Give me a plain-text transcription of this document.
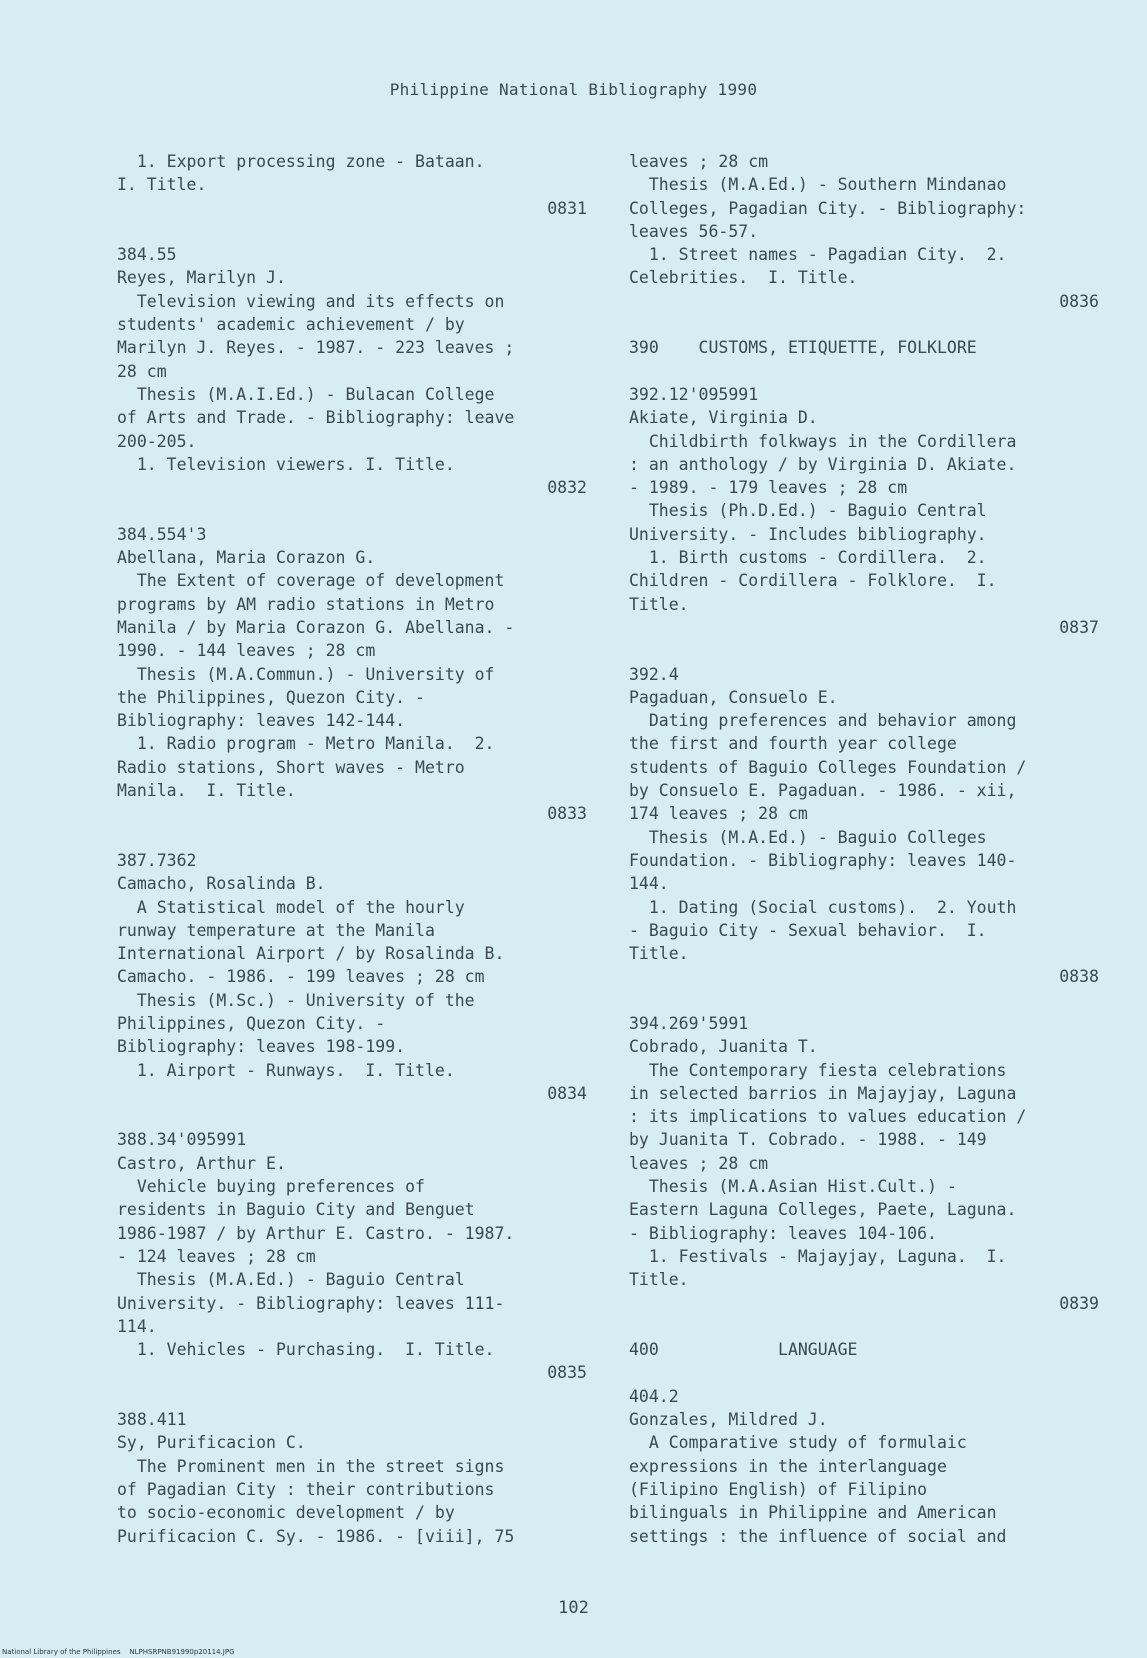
Philippine National Bibliography 1990
1. Export processing zone - Bataan.
I. Title.
0831
384.55
Reyes, Marilyn J.
Television viewing and its effects on
students' academic achievement / by
Marilyn J. Reyes. - 1987. - 223 leaves ;
28 cm
Thesis (M.A.I.Ed.) - Bulacan College
of Arts and Trade. - Bibliography: leave
200-205.
1. Television viewers. I. Title.
0832
384.554'3
Abellana, Maria Corazon G.
The Extent of coverage of development
programs by AM radio stations in Metro
Manila / by Maria Corazon G. Abellana. -
1990. - 144 leaves ; 28 cm
Thesis (M.A.Commun.) - University of
the Philippines, Quezon City. -
Bibliography: leaves 142-144.
1. Radio program - Metro Manila.  2.
Radio stations, Short waves - Metro
Manila.  I. Title.
0833
387.7362
Camacho, Rosalinda B.
A Statistical model of the hourly
runway temperature at the Manila
International Airport / by Rosalinda B.
Camacho. - 1986. - 199 leaves ; 28 cm
Thesis (M.Sc.) - University of the
Philippines, Quezon City. -
Bibliography: leaves 198-199.
1. Airport - Runways.  I. Title.
0834
388.34'095991
Castro, Arthur E.
Vehicle buying preferences of
residents in Baguio City and Benguet
1986-1987 / by Arthur E. Castro. - 1987.
- 124 leaves ; 28 cm
Thesis (M.A.Ed.) - Baguio Central
University. - Bibliography: leaves 111-
114.
1. Vehicles - Purchasing.  I. Title.
0835
388.411
Sy, Purificacion C.
The Prominent men in the street signs
of Pagadian City : their contributions
to socio-economic development / by
Purificacion C. Sy. - 1986. - [viii], 75
leaves ; 28 cm
Thesis (M.A.Ed.) - Southern Mindanao
Colleges, Pagadian City. - Bibliography:
leaves 56-57.
1. Street names - Pagadian City.  2.
Celebrities.  I. Title.
0836
390    CUSTOMS, ETIQUETTE, FOLKLORE
392.12'095991
Akiate, Virginia D.
Childbirth folkways in the Cordillera
: an anthology / by Virginia D. Akiate.
- 1989. - 179 leaves ; 28 cm
Thesis (Ph.D.Ed.) - Baguio Central
University. - Includes bibliography.
1. Birth customs - Cordillera.  2.
Children - Cordillera - Folklore.  I.
Title.
0837
392.4
Pagaduan, Consuelo E.
Dating preferences and behavior among
the first and fourth year college
students of Baguio Colleges Foundation /
by Consuelo E. Pagaduan. - 1986. - xii,
174 leaves ; 28 cm
Thesis (M.A.Ed.) - Baguio Colleges
Foundation. - Bibliography: leaves 140-
144.
1. Dating (Social customs).  2. Youth
- Baguio City - Sexual behavior.  I.
Title.
0838
394.269'5991
Cobrado, Juanita T.
The Contemporary fiesta celebrations
in selected barrios in Majayjay, Laguna
: its implications to values education /
by Juanita T. Cobrado. - 1988. - 149
leaves ; 28 cm
Thesis (M.A.Asian Hist.Cult.) -
Eastern Laguna Colleges, Paete, Laguna.
- Bibliography: leaves 104-106.
1. Festivals - Majayjay, Laguna.  I.
Title.
0839
400            LANGUAGE
404.2
Gonzales, Mildred J.
A Comparative study of formulaic
expressions in the interlanguage
(Filipino English) of Filipino
bilinguals in Philippine and American
settings : the influence of social and
102
National Library of the Philippines NLPHSRPNB91990p20114.JPG
